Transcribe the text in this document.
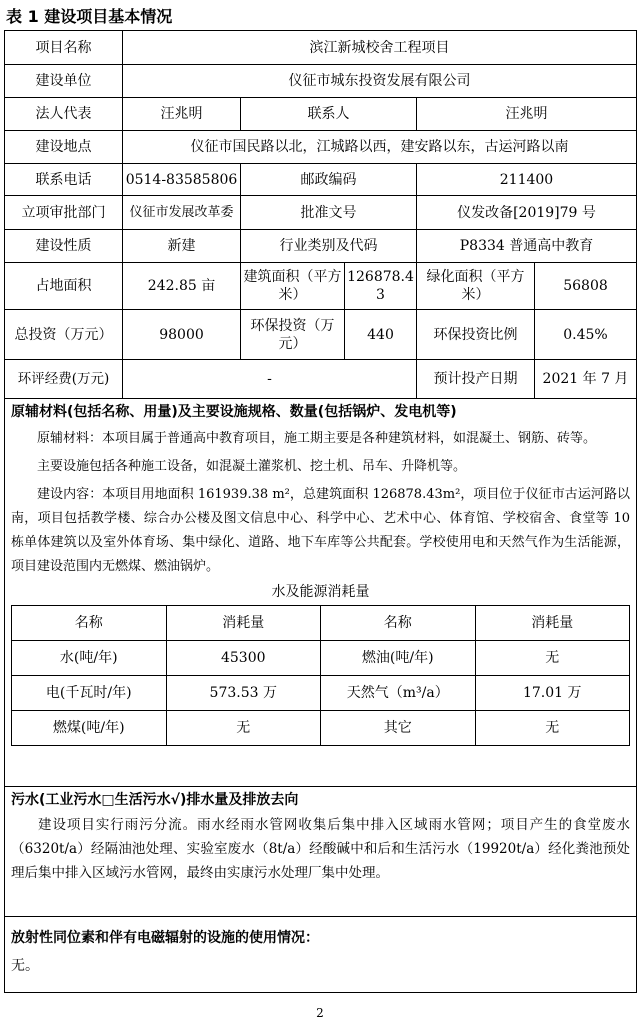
表 1 建设项目基本情况
项目名称	滨江新城校舍工程项目
建设单位	仪征市城东投资发展有限公司
法人代表	汪兆明	联系人	汪兆明
建设地点	仪征市国民路以北，江城路以西，建安路以东，古运河路以南
联系电话	0514-83585806	邮政编码	211400
立项审批部门	仪征市发展改革委	批准文号	仪发改备[2019]79 号
建设性质	新建	行业类别及代码	P8334 普通高中教育
占地面积	242.85 亩	建筑面积（平方米）	126878.43	绿化面积（平方米）	56808
总投资（万元）	98000	环保投资（万元）	440	环保投资比例	0.45%
环评经费(万元)	-	预计投产日期	2021 年 7 月

原辅材料(包括名称、用量)及主要设施规格、数量(包括锅炉、发电机等)
原辅材料：本项目属于普通高中教育项目，施工期主要是各种建筑材料，如混凝土、钢筋、砖等。
主要设施包括各种施工设备，如混凝土灌浆机、挖土机、吊车、升降机等。
建设内容：本项目用地面积 161939.38 m²，总建筑面积 126878.43m²，项目位于仪征市古运河路以南，项目包括教学楼、综合办公楼及图文信息中心、科学中心、艺术中心、体育馆、学校宿舍、食堂等 10 栋单体建筑以及室外体育场、集中绿化、道路、地下车库等公共配套。学校使用电和天然气作为生活能源，项目建设范围内无燃煤、燃油锅炉。
水及能源消耗量
名称	消耗量	名称	消耗量
水(吨/年)	45300	燃油(吨/年)	无
电(千瓦时/年)	573.53 万	天然气（m³/a）	17.01 万
燃煤(吨/年)	无	其它	无

污水(工业污水□生活污水√)排水量及排放去向
建设项目实行雨污分流。雨水经雨水管网收集后集中排入区域雨水管网；项目产生的食堂废水（6320t/a）经隔油池处理、实验室废水（8t/a）经酸碱中和后和生活污水（19920t/a）经化粪池预处理后集中排入区域污水管网，最终由实康污水处理厂集中处理。

放射性同位素和伴有电磁辐射的设施的使用情况：
无。
2
